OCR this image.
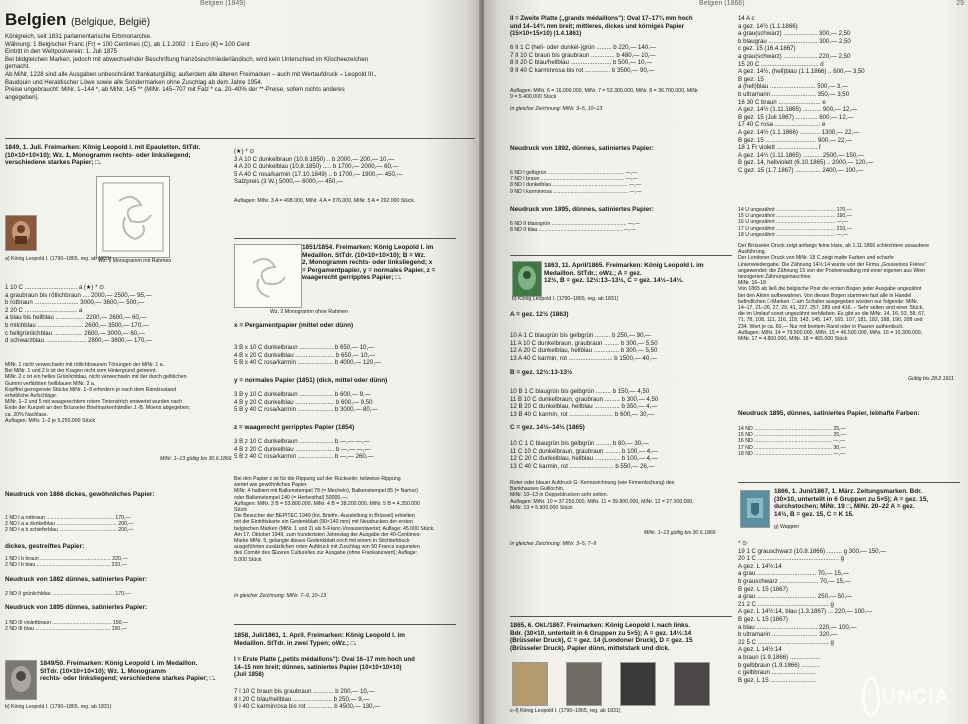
Belgien (1849)
Belgien (Belgique, België)
Königreich, seit 1831 parlamentarische Erbmonarchie.
Währung: 1 Belgischer Franc (Fr) = 100 Centimes (C), ab 1.1.2002 : 1 Euro (€) = 100 Cent
Eintritt in den Weltpostverein: 1. Juli 1875
Bei bildgleichen Marken, jedoch mit abwechselnder Beschriftung französisch/niederländisch, wird kein Unterschied im Klischeezeichen
gemacht.
Ab MiNr. 1228 sind alle Ausgaben unbeschränkt frankaturgültig; außerdem alle älteren Freimarken – auch mit Wertaufdruck – Leopold III.,
Baudouin und Heraldischer Löwe sowie alle Sondermarken ohne Zuschlag ab dem Jahre 1954.
Preise ungebraucht: MiNr. 1–144 *, ab MiNr. 145 ** (MiNr. 145–707 mit Falz * ca. 20–40% der **-Preise, sofern nichts anderes
angegeben).
1849, 1. Juli. Freimarken: König Leopold I. mit Epauletten. StTdr.
(10×10+10×10); Wz. 1, Monogramm rechts- oder linksliegend;
verschiedene starkes Papier; □.
a) König Leopold I. (1790–1865, reg. ab 1831)
Wz. 1 Monogramm mit Rahmen
1 10 C ............................... a (★) * ⊙
a graubraun bis rötlichbraun .... 2000,— 2500,— 95,—
b rotbraun .......................... 3000,— 3600,— 500,—
2 20 C ............................... a
a blau bis hellblau ................. 2200,— 2600,— 60,—
b milchblau ........................... 2600,— 3500,— 170,—
c hellgrünlichblau ................. 2600,— 3000,— 60,—
d schwarzblau ........................ 2800,— 3600,— 170,—
MiNr. 1 nicht verwechseln mit rötlichbraunen Tönungen der MiNr. 1 a.
Bei MiNr. 1 und 2 b ist der Kragen nicht vom Hintergrund getrennt.
MiNr. 2 c ist ein helles Grünlichblau, nicht verwechseln mit der durch gelblichen
Gummi verfärbten hellblauen MiNr. 2 a.
Kopffrei gezogenste Stücke MiNr. 1–9 erfordern je nach dem Randzustand
erhebliche Aufschläge.
MiNr. 1–2 und 5 mit waagerechtem rotem Tintenstrich entwertet wurden nach
Ende der Kunzeit an den Brüsseler Briefmarkenhändler J.-B. Moens abgegeben;
ca. 20% Nachlass.
Auflagen: MiNr. 1–2 je 5.250.000 Stück
MiNr. 1–13 gültig bis 30.6.1866
Neudruck von 1866 dickes, gewöhnliches Papier:
1 ND I a rotbraun ............................................... 170,—
2 ND I a a dunkelblau .......................................... 200,—
2 ND I a b schieferblau ........................................ 200,—
dickes, gestreiftes Papier:
1 ND I b braun ................................................. 220,—
2 ND I b blau ................................................... 220,—
Neudruck von 1882 dünnes, satiniertes Papier:
2 ND II grünlichblau ........................................... 170,—
Neudruck von 1895 dünnes, satiniertes Papier:
1 ND III violettbraun ......................................... 150,—
2 ND III blau .................................................... 150,—
1849/50. Freimarken: König Leopold I. im Medaillon.
StTdr. (10×10+10×10); Wz. 1, Monogramm
rechts- oder linksliegend; verschiedene starkes Papier; □.
b) König Leopold I. (1790–1865, reg. ab 1831)
(★) * ⊙
3 A 10 C dunkelbraun (10.8.1850) .. b 2000,— 200,— 10,—
4 A 20 C dunkelblau (10.8.1850) ..... b 1700,— 2000,— 60,—
5 A 40 C rosa/karmin (17.10.1849) .. b 1700,— 1900,— 450,—
Satzpreis (3 W.) 5000,— 6000,— 450,—
Auflagen: MiNr. 3 A = 498.000, MiNr. 4 A = 376.000, MiNr. 5 A = 292.000 Stück
1851/1854. Freimarken: König Leopold I. im
Medaillon. StTdr. (10×10+10×10); B = Wz.
2, Monogramm rechts- oder linksliegend; x
= Pergamentpapier, y = normales Papier, z =
waagerecht gerripptes Papier; □.
Wz. 2 Monogramm ohne Rahmen
x = Pergamentpapier (mittel oder dünn)
3 B x 10 C dunkelbraun .................... b 650,— 10,—
4 B x 20 C dunkelblau ....................... b 650,— 10,—
5 B x 40 C rosa/karmin ..................... b 4000,— 120,—
y = normales Papier (1851) (dick, mittel oder dünn)
3 B y 10 C dunkelbraun .................... b 600,— 9,—
4 B y 20 C dunkelblau ....................... b 600,— 9,50
5 B y 40 C rosa/karmin ..................... b 3000,— 80,—
z = waagerecht gerripptes Papier (1854)
3 B z 10 C dunkelbraun .................... b —,— —,—
4 B z 20 C dunkelblau ....................... b —,— —,—
5 B z 40 C rosa/karmin ..................... b —,— 260,—
Bei den Papier z ist für die Rippung auf der Rückseite; teilweise Rippung
wertet wie gewöhnliches Papier.
MiNr. 4 halbiert mit Balkenstempel 78 (= Mecheln), Balkenstempel 85 (= Namur)
oder Balkenstempel 140 (= Herbesthal) 50000,—.
Auflagen: MiNr. 3 B = 53.800.000, MiNr. 4 B = 38.200.000, MiNr. 5 B = 4.350.000
Stück
Die Besucher der BEPITEC 1949 (Int. Briefm.-Ausstellung in Brüssel) erhielten
mit der Eintrittskarte ein Gedenkblatt (90×140 mm) mit Neudrucken der ersten
belgischen Marken (MiNr. 1 und 2) als 5-Franc-Vorausentwertet; Auflage: 45.000 Stück.
Am 17. Oktober 1949, zum hundertsten Jahrestag der Ausgabe der 40-Centimes-
Marke MiNr. 5, gelangte dieses Gedenkblatt noch mit einem in Stichtiefdruck
ausgeführten zusätzlichen roten Aufdruck mit Zuschlag von 50 Francs zugunsten
des Comité des Œuvres Culturelles zur Ausgabe (ohne Frankaturwert); Auflage:
5.000 Stück
In gleicher Zeichnung: MiNr. 7–9, 10–13
1858, Juli/1861, 1. April. Freimarken: König Leopold I. im
Medaillon. StTdr. in zwei Typen; oWz.; □.
I = Erste Platte („petits médaillons"): Oval 16–17 mm hoch und
14–15 mm breit; dünnes, satiniertes Papier (10×10+10×10)
(Juli 1858)
7 I 10 C braun bis graubraun ............ b 200,— 10,—
8 I 20 C blau/hellblau ....................... b 250,— 9,—
9 I 40 C karminrosa bis rot ............... b 4500,— 130,—
Belgien (1866)	29
II = Zweite Platte („grands médaillons"): Oval 17–17¾ mm hoch
und 14–14¾ mm breit; mittleres, dickes und körniges Papier
(15×10+15×10) (1.4.1861)
6 II 1 C (hell- oder dunkel-)grün ......... b 220,— 140,—
7 II 10 C braun bis graubraun .............. b 480,— 10,—
8 II 20 C blau/hellblau ........................ b 500,— 10,—
9 II 40 C karminrosa bis rot ............... b 3500,— 90,—
Auflagen: MiNr. 6 = 16.000.000, MiNr. 7 = 53.300.000, MiNr. 8 = 36.700.000, MiNr.
9 = 5.400.000 Stück
In gleicher Zeichnung: MiNr. 3–5, 10–13
Neudruck von 1892, dünnes, satiniertes Papier:
6 ND I gelbgrün ..................................................... —,—
7 ND I braun .......................................................... —,—
8 ND I dunkelblau .................................................... —,—
9 ND I karminrosa .................................................... —,—
Neudruck von 1895, dünnes, satiniertes Papier:
6 ND II blassgrün .................................................... —,—
8 ND II blau .......................................................... —,—
1863, 11. April/1865. Freimarken: König Leopold I. im
Medaillon. StTdr.; oWz.; A = gez.
12½, B = gez. 12½:13–13½, C = gez. 14½–14½.
b) König Leopold I. (1790–1865, reg. ab 1831)
A = gez. 12½ (1863)
10 A 1 C blaugrün bis gelbgrün ......... b 250,— 90,—
11 A 10 C dunkelbraun, graubraun ......... b 300,— 5,50
12 A 20 C dunkelblau, hellblau ............... b 300,— 5,50
13 A 40 C karmin, rot .......................... b 1500,— 40,—
B = gez. 12½:13-13½
10 B 1 C blaugrün bis gelbgrün ......... b 150,— 4,50
11 B 10 C dunkelbraun, graubraun ......... b 300,— 4,50
12 B 20 C dunkelblau, hellblau ............... b 350,— 4,—
13 B 40 C karmin, rot .......................... b 600,— 30,—
C = gez. 14½–14½ (1865)
10 C 1 C blaugrün bis gelbgrün ......... b 80,— 30,—
11 C 10 C dunkelbraun, graubraun ......... b 100,— 4,—
12 C 20 C dunkelblau, hellblau ............... b 100,— 4,—
13 C 40 C karmin, rot .......................... b 550,— 26,—
Roter oder blauer Aufdruck G: Kennzeichnung (wie Firmenlochung) des
Bankhauses Guillochin.
MiNr. 10–13 in Doppeldrucken sehr selten.
Auflagen: MiNr. 10 = 37.250.000, MiNr. 11 = 39.800.000, MiNr. 12 = 27.300.000,
MiNr. 13 = 5.900.000 Stück
MiNr. 1–13 gültig bis 30.6.1866
In gleicher Zeichnung: MiNr. 3–5, 7–9
1865, 6. Okt./1867. Freimarken: König Leopold I. nach links.
Bdr. (30×10, unterteilt in 6 Gruppen zu 5×5); A = gez. 14½:14
(Brüsseler Druck), C = gez. 14 (Londoner Druck), D = gez. 15
(Brüsseler Druck). Papier dünn, mittelstark und dick.
c–f) König Leopold I. (1790–1865, reg. ab 1831)
14 A c
a gez. 14½ (1.1.1866)
a grau(schwarz) .................... 300,— 2,50
b blaugrau ............................. 300,— 2,50
c gez. 15 (16.4.1867)
a grau(schwarz) .................... 220,— 2,50
15 20 C .................................. d
A gez. 14½, (hell)blau (1.1.1866) .. 600,— 3,50
B gez. 15
a (hell)blau ........................... 500,— 3,—
b ultramarin .......................... 350,— 3,50
16 30 C braun ......................... e
A gez. 14½ (1.11.1865) ........... 900,— 12,—
B gez. 15 (Juli 1867) ............. 600,— 12,—
17 40 C rosa ........................... e
A gez. 14½ (1.1.1866) ............ 1300,— 22,—
B gez. 15 .............................. 900,— 22,—
18 1 Fr violett ........................ f
A gez. 14½ (1.11.1865) ........... 2500,— 150,—
B gez. 14, hellviolett (6.10.1865) .. 2000,— 120,—
C gez. 15 (1.7.1867) ............... 2400,— 100,—
14 U ungezähnt ......................................... 170,—
15 U ungezähnt ......................................... 190,—
16 U ungezähnt ......................................... —,—
17 U ungezähnt ......................................... 210,—
18 U ungezähnt ......................................... —,—
Der Brüsseler Druck zeigt anfangs feine klare, ab 1.11.1866 schlechtere unsaubere
Ausführung.
Der Londoner Druck von MiNr. 18 C zeigt matte Farben und scharfe
Linienwiedergabe. Die Zähnung 14½:14 wurde von der Firma „Gouweloos Frères"
angewendet; die Zähnung 15 von der Postverwaltung mit einer eigenen aus Wien
bezogenen Zähnungsmaschine.
MiNr. 16–18
Von 1865 ab ließ die belgische Post die ersten Bogen jeder Ausgabe ungezähnt
bei den Akten aufbewahren. Von diesen Bogen stammen fast alle in Handel
befindlichen □-Marken. □ am Schalter ausgegeben wurden nur folgende: MiNr.
14–17, 21–26, 27, 29, 41, 227, 257, 289 und 416. – Sehr selten sind einer Stück,
die im Umlauf sonst ungezähnt verblieben. Es gibt so die MiNr. 14, 16, 53, 58, 67,
71, 78, 108, 111, 116, 118, 143, 145, 147, 165, 107, 181, 182, 188, 190, 208 und
234. Wert je ca. 60,— Nur mit breitem Rand oder in Paaren authentisch.
Auflagen: MiNr. 14 = 79.500.000, MiNr. 15 = 46.500.000, MiNr. 16 = 10.300.000,
MiNr. 17 = 4.800.000, MiNr. 18 = 465.000 Stück
Gültig bis 28.2.1911
Neudruck 1895, dünnes, satiniertes Papier, lebhafte Farben:
14 ND ...................................................... 25,—
15 ND ...................................................... 25,—
16 ND ...................................................... —,—
17 ND ...................................................... 30,—
18 ND ...................................................... —,—
1866, 1. Juni/1867, 1. März. Zeitungsmarken. Bdr.
(30×10, unterteilt in 6 Gruppen zu 5×5); A = gez. 15,
durchstochen; MiNr. 19 □, MiNr. 20–22 A = gez.
14½, B = gez. 15, C = K 15.
g) Wappen
* ⊙
19 1 C grauschwarz (10.8.1866) ......... g 300,— 150,—
20 1 C ................................................ g
A gez. L 14½:14
a grau ................................... 70,— 15,—
b grauschwarz ....................... 70,— 15,—
B gez. L 15 (1867)
a grau ................................... 250,— 50,—
21 2 C .......................................... g
A gez. L 14½:14, blau (1.3.1867) ... 220,— 100,—
B gez. L 15 (1867)
a blau .................................... 220,— 100,—
b ultramarin ........................... 320,—
22 5 C .......................................... g
A gez. L 14½:14
a braun (1.9.1866) ..................
b gelbbraun (1.9.1866) ...........
c gelbbraun ..........................
B gez. L 15 ...........................
UNCIA
